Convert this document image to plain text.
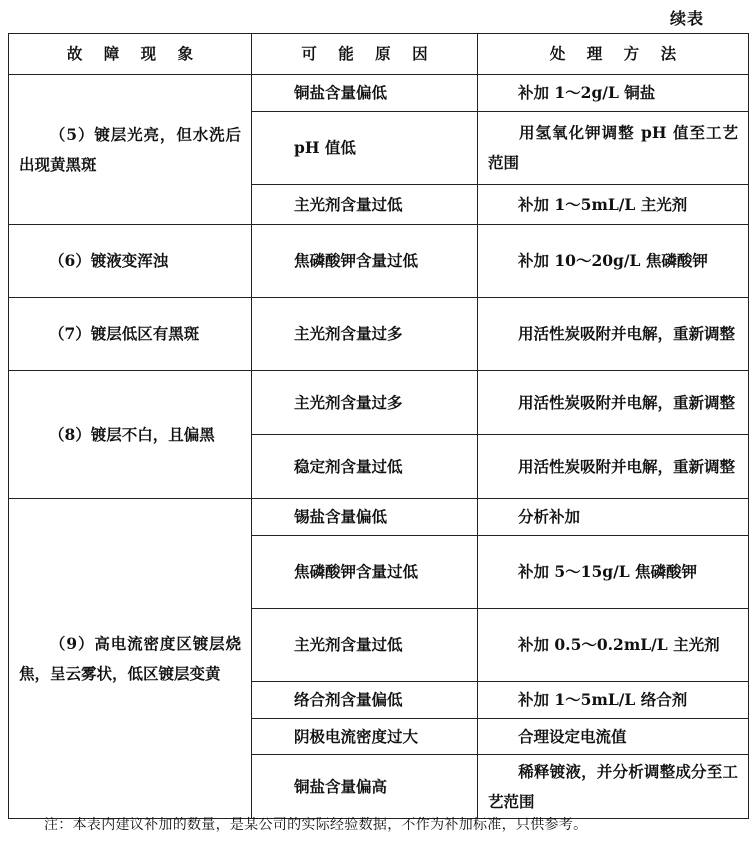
续表
故 障 现 象	可 能 原 因	处 理 方 法
（5）镀层光亮，但水洗后出现黄黑斑	铜盐含量偏低	补加 1～2g/L 铜盐
	pH 值低	用氢氧化钾调整 pH 值至工艺范围
	主光剂含量过低	补加 1～5mL/L 主光剂
（6）镀液变浑浊	焦磷酸钾含量过低	补加 10～20g/L 焦磷酸钾
（7）镀层低区有黑斑	主光剂含量过多	用活性炭吸附并电解，重新调整
（8）镀层不白，且偏黑	主光剂含量过多	用活性炭吸附并电解，重新调整
	稳定剂含量过低	用活性炭吸附并电解，重新调整
（9）高电流密度区镀层烧焦，呈云雾状，低区镀层变黄	锡盐含量偏低	分析补加
	焦磷酸钾含量过低	补加 5～15g/L 焦磷酸钾
	主光剂含量过低	补加 0.5～0.2mL/L 主光剂
	络合剂含量偏低	补加 1～5mL/L 络合剂
	阴极电流密度过大	合理设定电流值
	铜盐含量偏高	稀释镀液，并分析调整成分至工艺范围
注：本表内建议补加的数量，是某公司的实际经验数据，不作为补加标准，只供参考。
